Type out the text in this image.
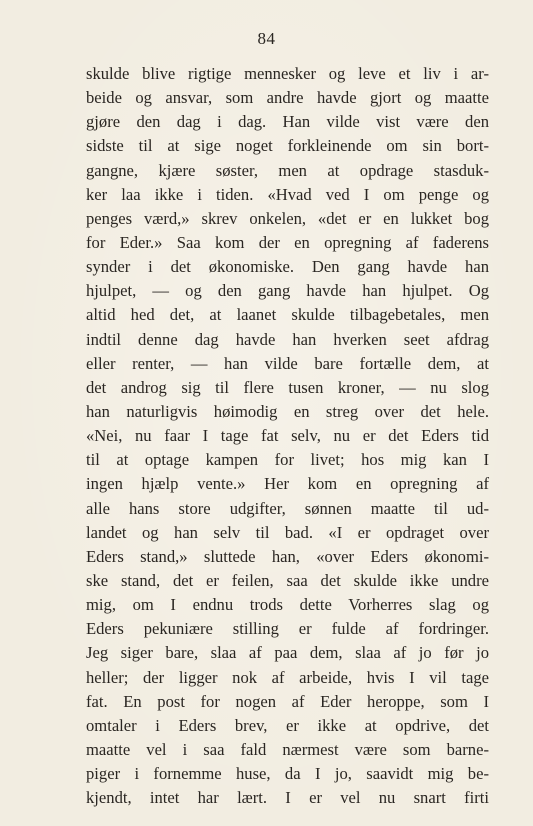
84
skulde blive rigtige mennesker og leve et liv i ar-
beide og ansvar, som andre havde gjort og maatte
gjøre den dag i dag. Han vilde vist være den
sidste til at sige noget forkleinende om sin bort-
gangne, kjære søster, men at opdrage stasduk-
ker laa ikke i tiden. «Hvad ved I om penge og
penges værd,» skrev onkelen, «det er en lukket bog
for Eder.» Saa kom der en opregning af faderens
synder i det økonomiske. Den gang havde han
hjulpet, — og den gang havde han hjulpet. Og
altid hed det, at laanet skulde tilbagebetales, men
indtil denne dag havde han hverken seet afdrag
eller renter, — han vilde bare fortælle dem, at
det androg sig til flere tusen kroner, — nu slog
han naturligvis høimodig en streg over det hele.
«Nei, nu faar I tage fat selv, nu er det Eders tid
til at optage kampen for livet; hos mig kan I
ingen hjælp vente.» Her kom en opregning af
alle hans store udgifter, sønnen maatte til ud-
landet og han selv til bad. «I er opdraget over
Eders stand,» sluttede han, «over Eders økonomi-
ske stand, det er feilen, saa det skulde ikke undre
mig, om I endnu trods dette Vorherres slag og
Eders pekuniære stilling er fulde af fordringer.
Jeg siger bare, slaa af paa dem, slaa af jo før jo
heller; der ligger nok af arbeide, hvis I vil tage
fat. En post for nogen af Eder heroppe, som I
omtaler i Eders brev, er ikke at opdrive, det
maatte vel i saa fald nærmest være som barne-
piger i fornemme huse, da I jo, saavidt mig be-
kjendt, intet har lært. I er vel nu snart firti
